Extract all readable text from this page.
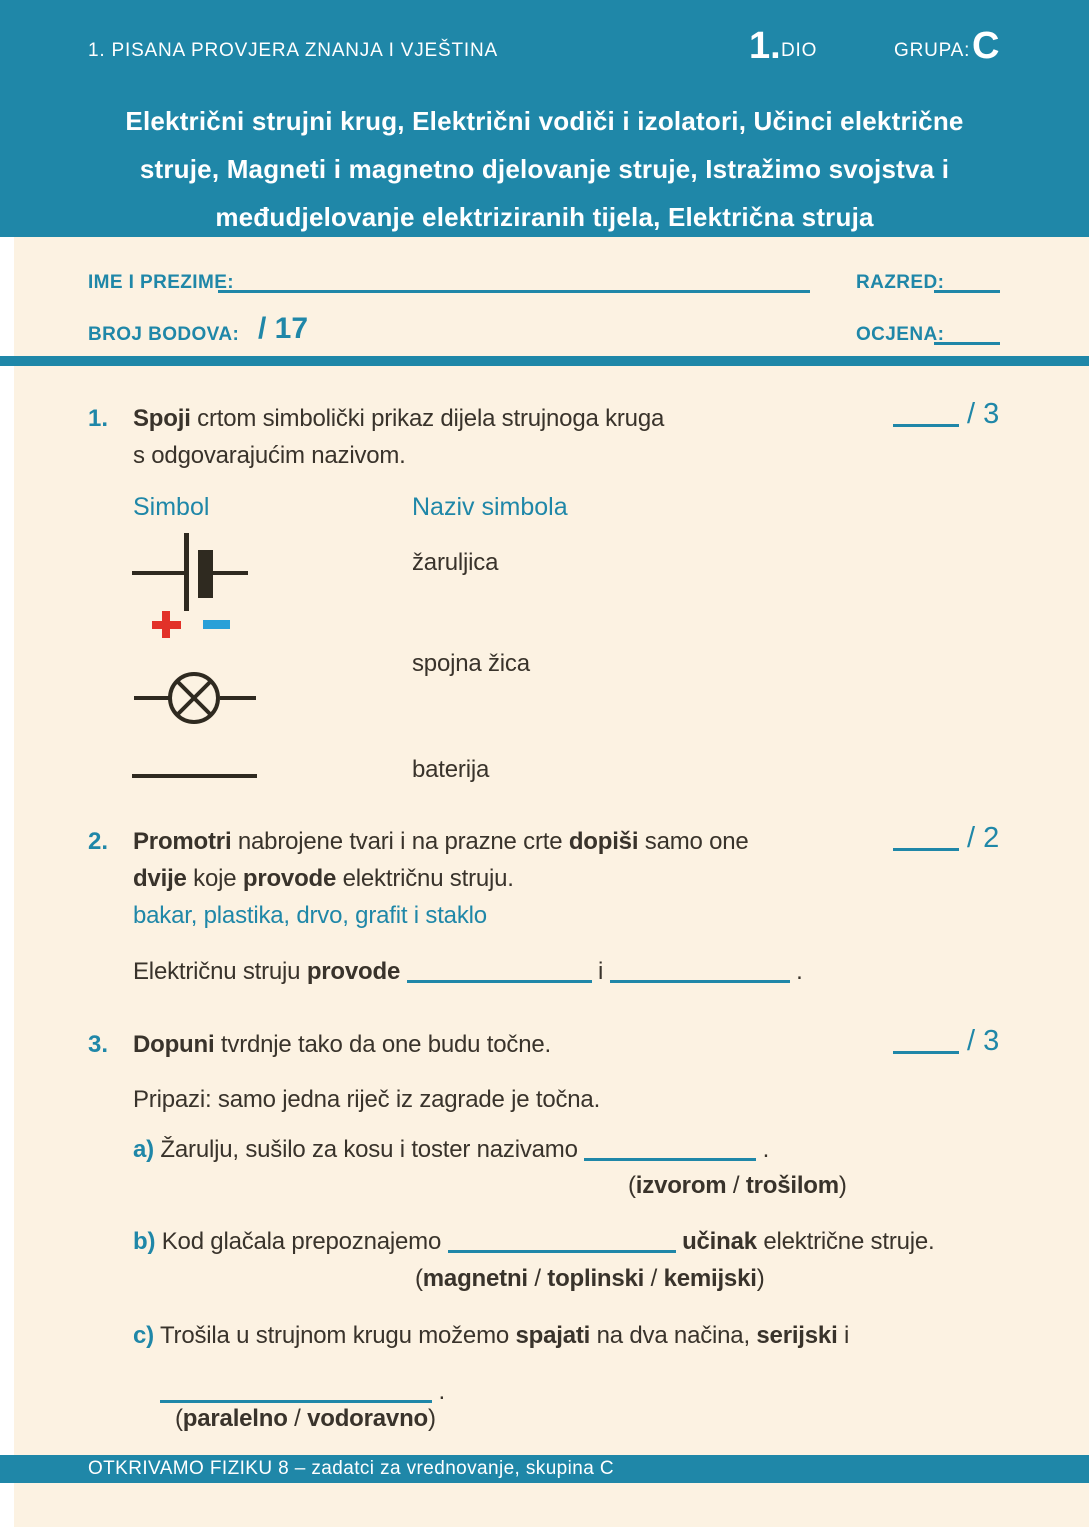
1. PISANA PROVJERA ZNANJA I VJEŠTINA	1. DIO	GRUPA: C
Električni strujni krug, Električni vodiči i izolatori, Učinci električne
struje, Magneti i magnetno djelovanje struje, Istražimo svojstva i
međudjelovanje elektriziranih tijela, Električna struja
IME I PREZIME:	RAZRED:
BROJ BODOVA: / 17	OCJENA:
1. Spoji crtom simbolički prikaz dijela strujnoga kruga
s odgovarajućim nazivom.
/ 3
Simbol	Naziv simbola
žaruljica
spojna žica
baterija
2. Promotri nabrojene tvari i na prazne crte dopiši samo one
dvije koje provode električnu struju.
/ 2
bakar, plastika, drvo, grafit i staklo
Električnu struju provode	i	.
3. Dopuni tvrdnje tako da one budu točne.	/ 3
Pripazi: samo jedna riječ iz zagrade je točna.
a) Žarulju, sušilo za kosu i toster nazivamo	.
(izvorom / trošilom)
b) Kod glačala prepoznajemo	učinak električne struje.
(magnetni / toplinski / kemijski)
c) Trošila u strujnom krugu možemo spajati na dva načina, serijski i
.
(paralelno / vodoravno)
OTKRIVAMO FIZIKU 8 – zadatci za vrednovanje, skupina C
